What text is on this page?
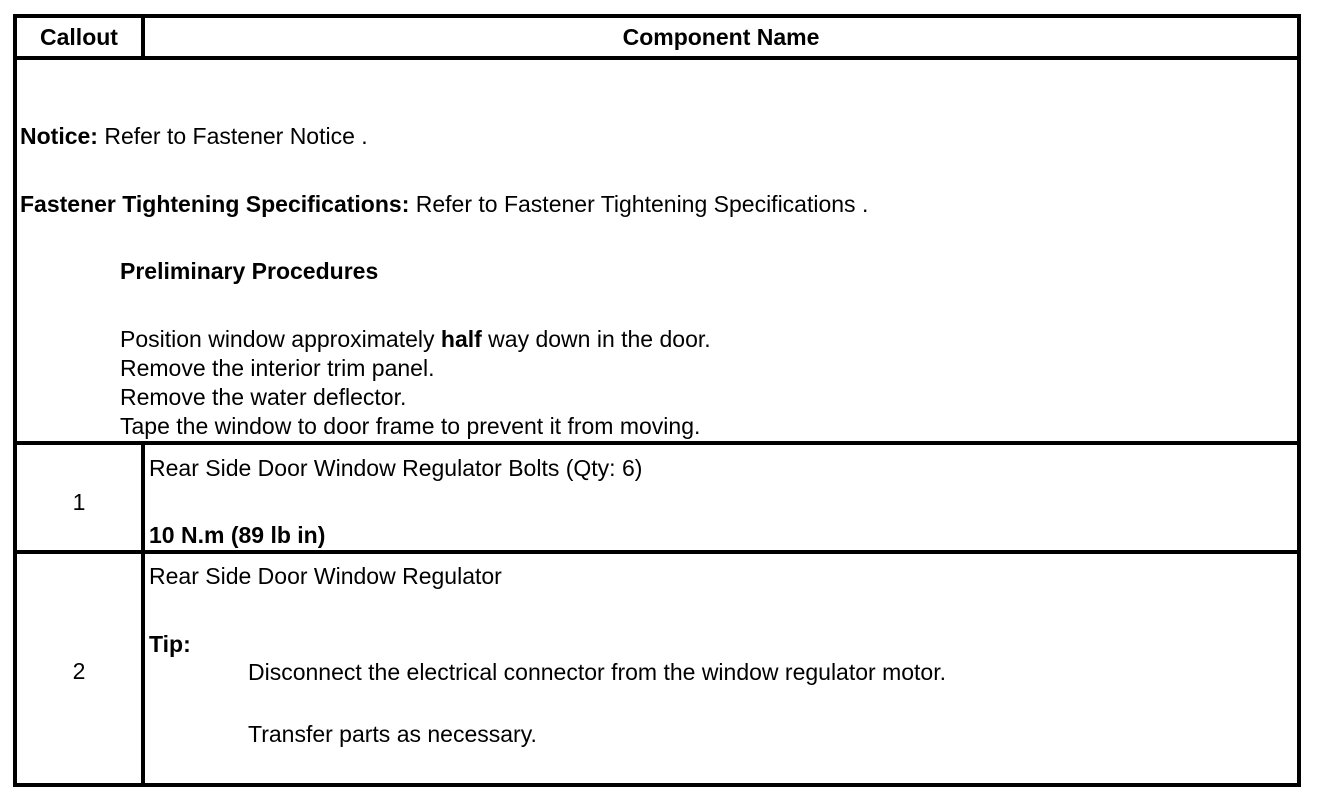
Callout	Component Name
Notice: Refer to Fastener Notice .
Fastener Tightening Specifications: Refer to Fastener Tightening Specifications .
Preliminary Procedures
Position window approximately half way down in the door.
Remove the interior trim panel.
Remove the water deflector.
Tape the window to door frame to prevent it from moving.
1
Rear Side Door Window Regulator Bolts (Qty: 6)
10 N.m (89 lb in)
2
Rear Side Door Window Regulator
Tip:
Disconnect the electrical connector from the window regulator motor.
Transfer parts as necessary.
